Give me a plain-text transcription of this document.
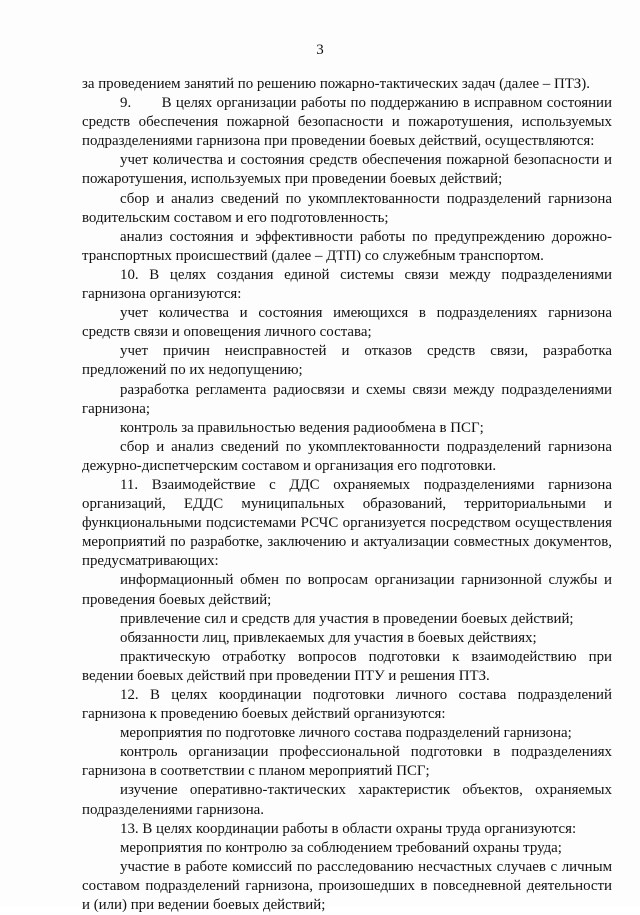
3

за проведением занятий по решению пожарно-тактических задач (далее – ПТЗ).

9.       В целях организации работы по поддержанию в исправном состоянии средств обеспечения пожарной безопасности и пожаротушения, используемых подразделениями гарнизона при проведении боевых действий, осуществляются:

учет количества и состояния средств обеспечения пожарной безопасности и пожаротушения, используемых при проведении боевых действий;

сбор и анализ сведений по укомплектованности подразделений гарнизона водительским составом и его подготовленность;

анализ состояния и эффективности работы по предупреждению дорожно-транспортных происшествий (далее – ДТП) со служебным транспортом.

10. В целях создания единой системы связи между подразделениями гарнизона организуются:

учет количества и состояния имеющихся в подразделениях гарнизона средств связи и оповещения личного состава;

учет причин неисправностей и отказов средств связи, разработка предложений по их недопущению;

разработка регламента радиосвязи и схемы связи между подразделениями гарнизона;

контроль за правильностью ведения радиообмена в ПСГ;

сбор и анализ сведений по укомплектованности подразделений гарнизона дежурно-диспетчерским составом и организация его подготовки.

11. Взаимодействие с ДДС охраняемых подразделениями гарнизона организаций, ЕДДС муниципальных образований, территориальными и функциональными подсистемами РСЧС организуется посредством осуществления мероприятий по разработке, заключению и актуализации совместных документов, предусматривающих:

информационный обмен по вопросам организации гарнизонной службы и проведения боевых действий;

привлечение сил и средств для участия в проведении боевых действий;

обязанности лиц, привлекаемых для участия в боевых действиях;

практическую отработку вопросов подготовки к взаимодействию при ведении боевых действий при проведении ПТУ и решения ПТЗ.

12. В целях координации подготовки личного состава подразделений гарнизона к проведению боевых действий организуются:

мероприятия по подготовке личного состава подразделений гарнизона;

контроль организации профессиональной подготовки в подразделениях гарнизона в соответствии с планом мероприятий ПСГ;

изучение оперативно-тактических характеристик объектов, охраняемых подразделениями гарнизона.

13. В целях координации работы в области охраны труда организуются:

мероприятия по контролю за соблюдением требований охраны труда;

участие в работе комиссий по расследованию несчастных случаев с личным составом подразделений гарнизона, произошедших в повседневной деятельности и (или) при ведении боевых действий;
